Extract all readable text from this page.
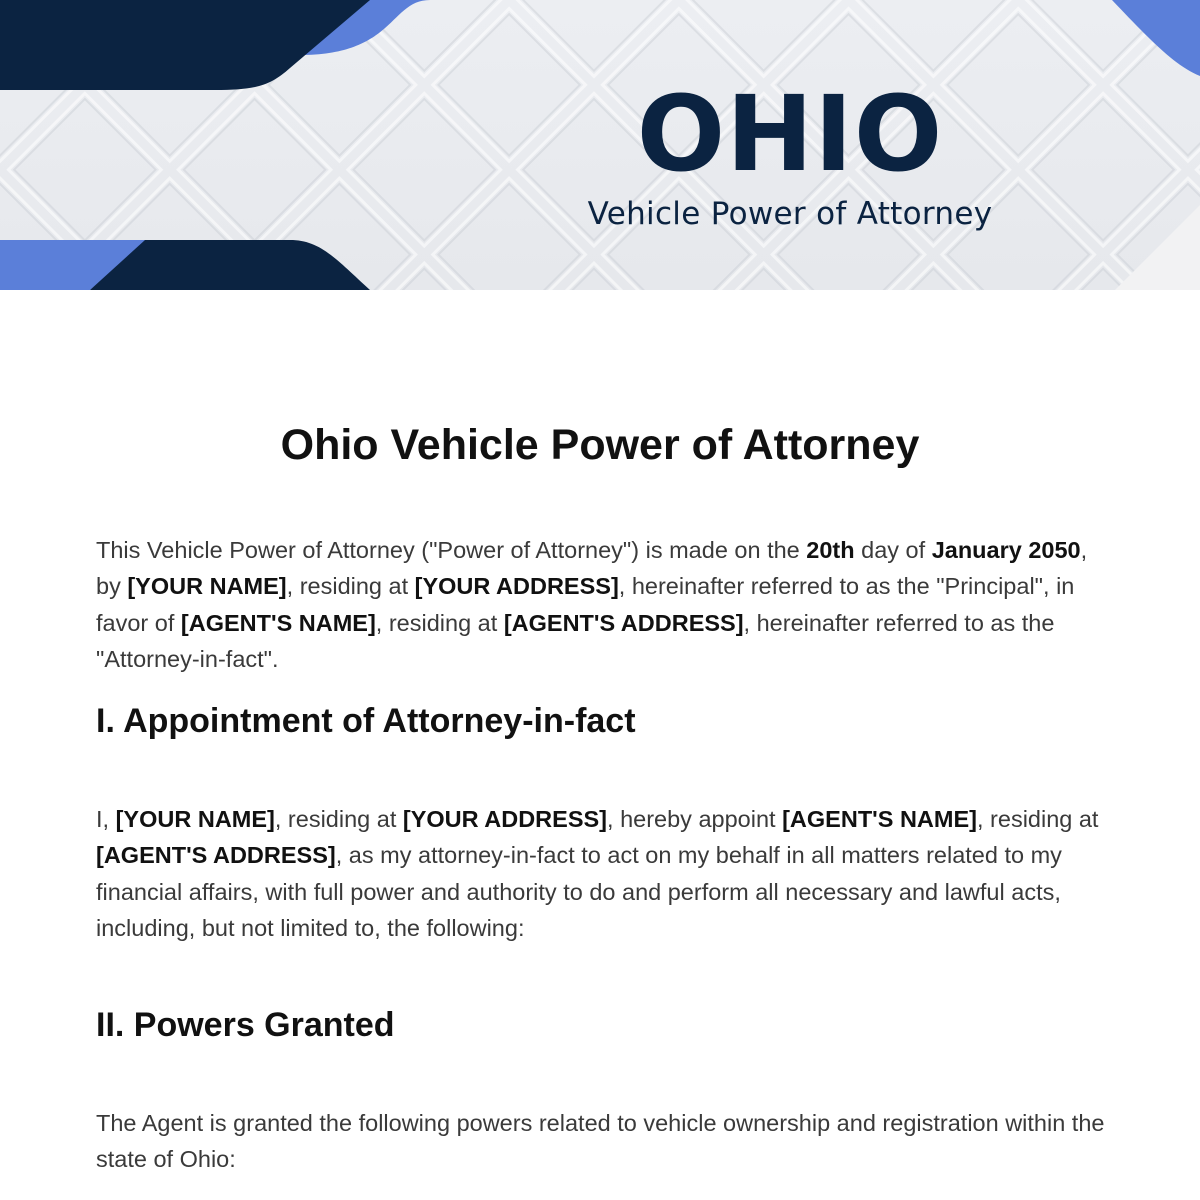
OHIO
Vehicle Power of Attorney
Ohio Vehicle Power of Attorney

This Vehicle Power of Attorney ("Power of Attorney") is made on the 20th day of January 2050, by [YOUR NAME], residing at [YOUR ADDRESS], hereinafter referred to as the "Principal", in favor of [AGENT'S NAME], residing at [AGENT'S ADDRESS], hereinafter referred to as the "Attorney-in-fact".

I. Appointment of Attorney-in-fact

I, [YOUR NAME], residing at [YOUR ADDRESS], hereby appoint [AGENT'S NAME], residing at [AGENT'S ADDRESS], as my attorney-in-fact to act on my behalf in all matters related to my financial affairs, with full power and authority to do and perform all necessary and lawful acts, including, but not limited to, the following:

II. Powers Granted

The Agent is granted the following powers related to vehicle ownership and registration within the state of Ohio:
